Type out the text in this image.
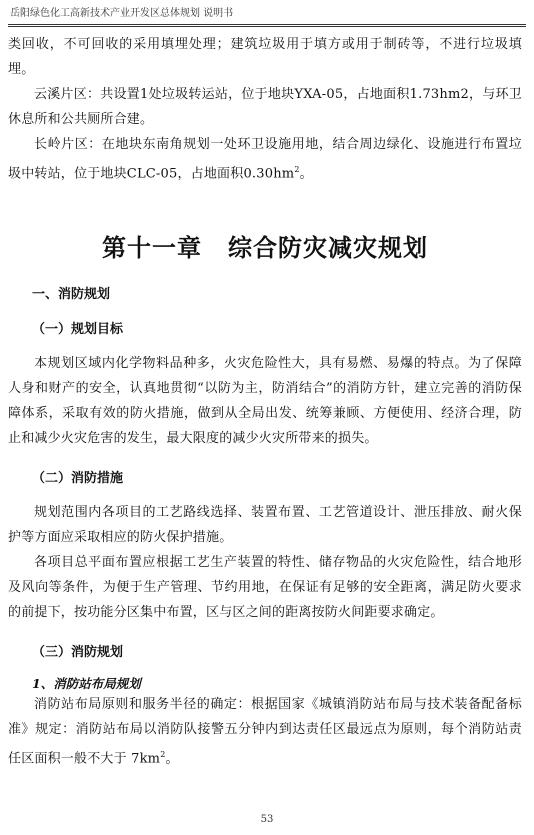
岳阳绿色化工高新技术产业开发区总体规划 说明书

类回收，不可回收的采用填埋处理；建筑垃圾用于填方或用于制砖等，不进行垃圾填埋。

云溪片区：共设置1处垃圾转运站，位于地块YXA-05，占地面积1.73hm2，与环卫休息所和公共厕所合建。

长岭片区：在地块东南角规划一处环卫设施用地，结合周边绿化、设施进行布置垃圾中转站，位于地块CLC-05，占地面积$0.30hm^2$。

第十一章 综合防灾减灾规划
一、消防规划
（一）规划目标

本规划区域内化学物料品种多，火灾危险性大，具有易燃、易爆的特点。为了保障人身和财产的安全，认真地贯彻“以防为主，防消结合”的消防方针，建立完善的消防保障体系，采取有效的防火措施，做到从全局出发、统筹兼顾、方便使用、经济合理，防止和减少火灾危害的发生，最大限度的减少火灾所带来的损失。

（二）消防措施

规划范围内各项目的工艺路线选择、装置布置、工艺管道设计、泄压排放、耐火保护等方面应采取相应的防火保护措施。

各项目总平面布置应根据工艺生产装置的特性、储存物品的火灾危险性，结合地形及风向等条件，为便于生产管理、节约用地，在保证有足够的安全距离，满足防火要求的前提下，按功能分区集中布置，区与区之间的距离按防火间距要求确定。

（三）消防规划
1、消防站布局规划

消防站布局原则和服务半径的确定：根据国家《城镇消防站布局与技术装备配备标准》规定：消防站布局以消防队接警五分钟内到达责任区最远点为原则，每个消防站责任区面积一般不大于 $7km^2$。

53
